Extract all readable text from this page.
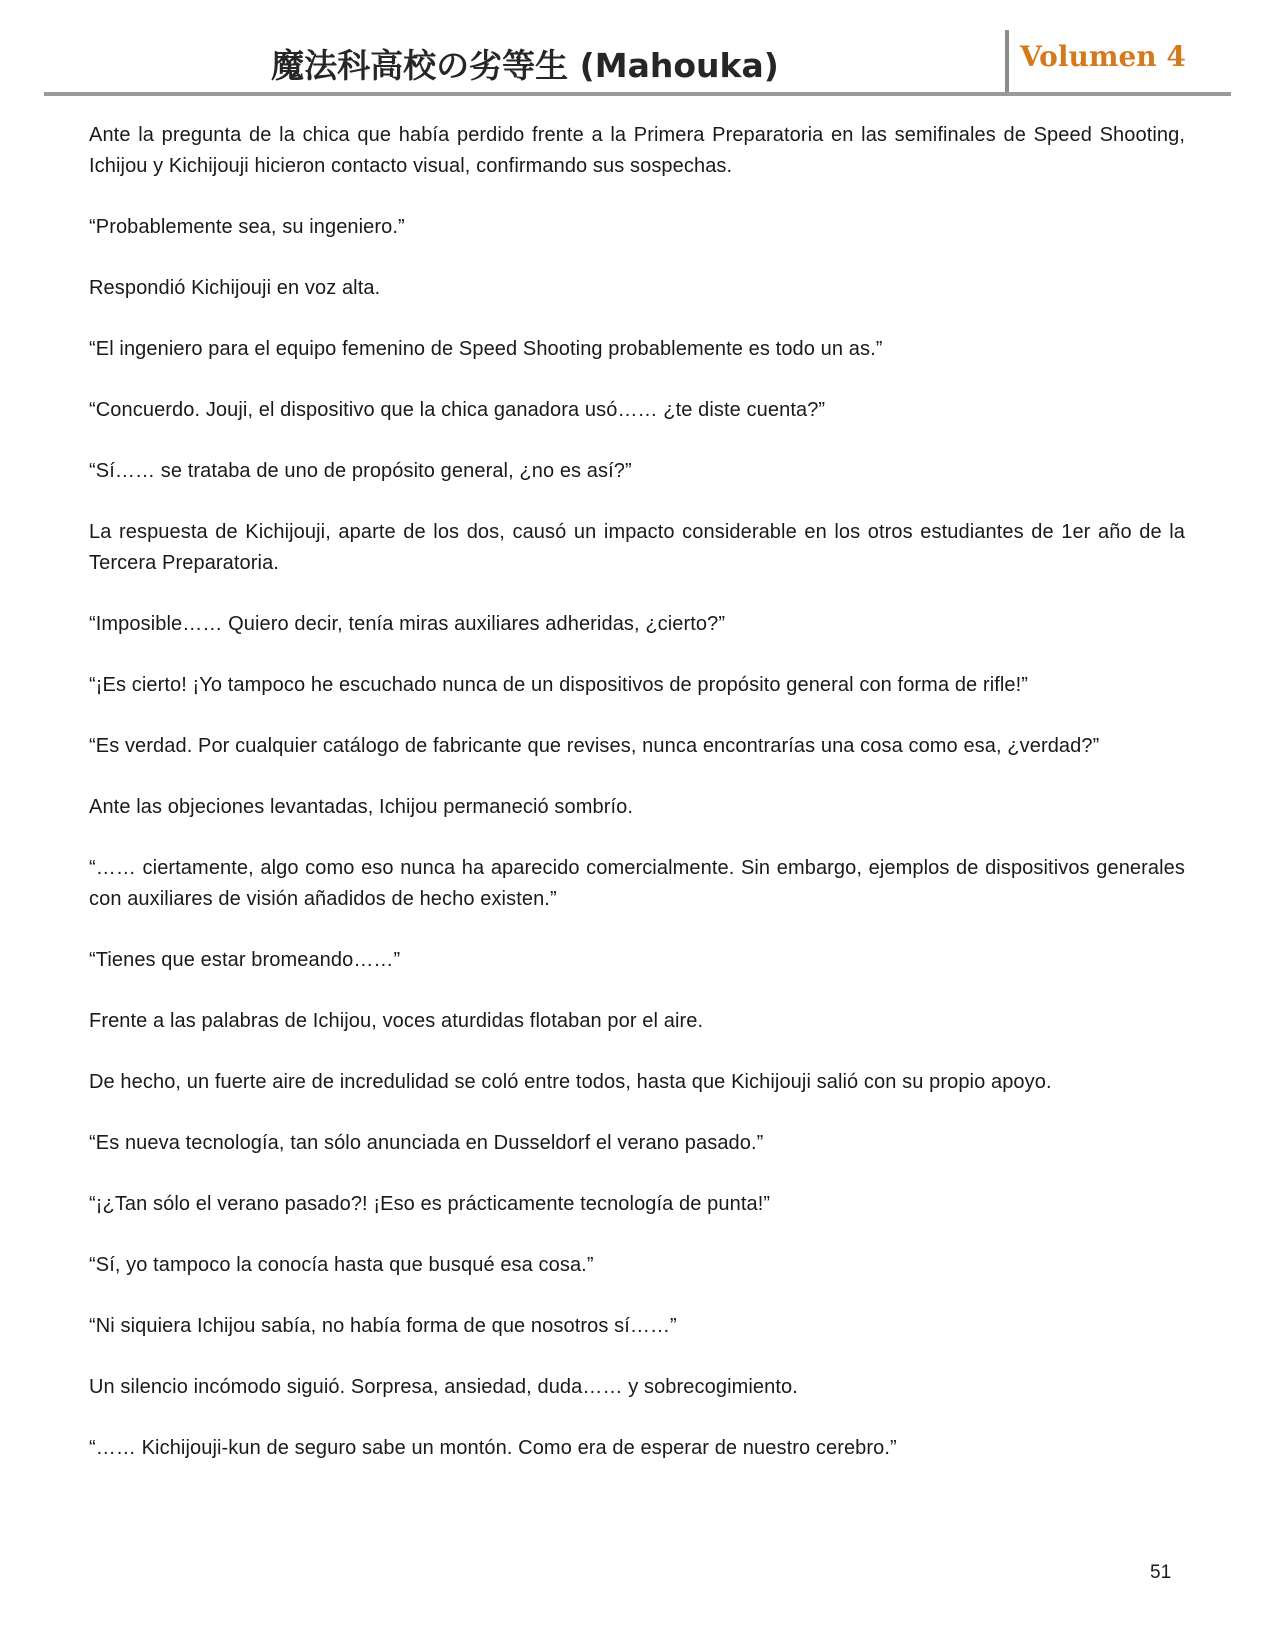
魔法科高校の劣等生 (Mahouka)	Volumen 4

Ante la pregunta de la chica que había perdido frente a la Primera Preparatoria en las semifinales de Speed Shooting, Ichijou y Kichijouji hicieron contacto visual, confirmando sus sospechas.

“Probablemente sea, su ingeniero.”

Respondió Kichijouji en voz alta.

“El ingeniero para el equipo femenino de Speed Shooting probablemente es todo un as.”

“Concuerdo. Jouji, el dispositivo que la chica ganadora usó…… ¿te diste cuenta?”

“Sí…… se trataba de uno de propósito general, ¿no es así?”

La respuesta de Kichijouji, aparte de los dos, causó un impacto considerable en los otros estudiantes de 1er año de la Tercera Preparatoria.

“Imposible…… Quiero decir, tenía miras auxiliares adheridas, ¿cierto?”

“¡Es cierto! ¡Yo tampoco he escuchado nunca de un dispositivos de propósito general con forma de rifle!”

“Es verdad. Por cualquier catálogo de fabricante que revises, nunca encontrarías una cosa como esa, ¿verdad?”

Ante las objeciones levantadas, Ichijou permaneció sombrío.

“…… ciertamente, algo como eso nunca ha aparecido comercialmente. Sin embargo, ejemplos de dispositivos generales con auxiliares de visión añadidos de hecho existen.”

“Tienes que estar bromeando……”

Frente a las palabras de Ichijou, voces aturdidas flotaban por el aire.

De hecho, un fuerte aire de incredulidad se coló entre todos, hasta que Kichijouji salió con su propio apoyo.

“Es nueva tecnología, tan sólo anunciada en Dusseldorf el verano pasado.”

“¡¿Tan sólo el verano pasado?! ¡Eso es prácticamente tecnología de punta!”

“Sí, yo tampoco la conocía hasta que busqué esa cosa.”

“Ni siquiera Ichijou sabía, no había forma de que nosotros sí……”

Un silencio incómodo siguió. Sorpresa, ansiedad, duda…… y sobrecogimiento.

“…… Kichijouji-kun de seguro sabe un montón. Como era de esperar de nuestro cerebro.”

51
